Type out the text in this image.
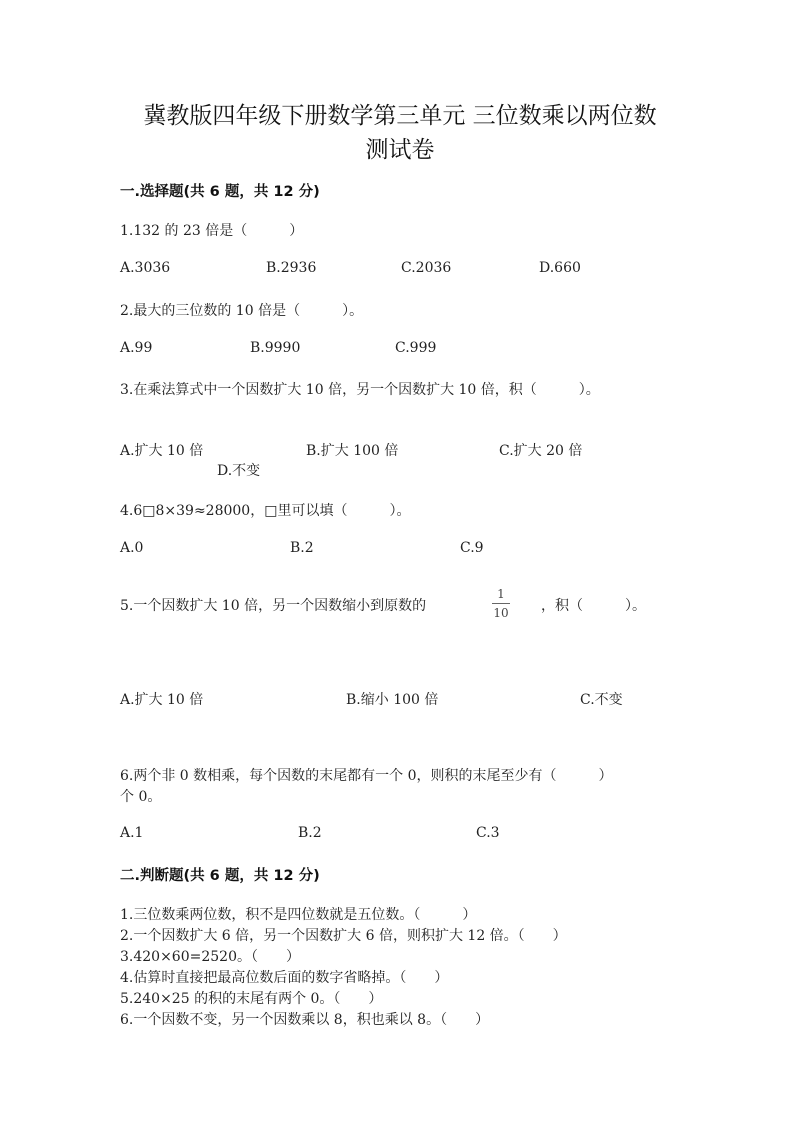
冀教版四年级下册数学第三单元 三位数乘以两位数
测试卷
一.选择题(共 6 题，共 12 分)
1.132 的 23 倍是（　　　）
A.3036	B.2936	C.2036	D.660
2.最大的三位数的 10 倍是（　　　）。
A.99	B.9990	C.999
3.在乘法算式中一个因数扩大 10 倍，另一个因数扩大 10 倍，积（　　　）。
A.扩大 10 倍	B.扩大 100 倍	C.扩大 20 倍
D.不变
4.6□8×39≈28000，□里可以填（　　　）。
A.0	B.2	C.9
5.一个因数扩大 10 倍，另一个因数缩小到原数的
1
10 ，积（　　　）。
A.扩大 10 倍	B.缩小 100 倍	C.不变
6.两个非 0 数相乘，每个因数的末尾都有一个 0，则积的末尾至少有（　　　）
个 0。
A.1	B.2	C.3
二.判断题(共 6 题，共 12 分)
1.三位数乘两位数，积不是四位数就是五位数。（　　　）
2.一个因数扩大 6 倍，另一个因数扩大 6 倍，则积扩大 12 倍。（　　）
3.420×60=2520。（　　）
4.估算时直接把最高位数后面的数字省略掉。（　　）
5.240×25 的积的末尾有两个 0。（　　）
6.一个因数不变，另一个因数乘以 8，积也乘以 8。（　　）
